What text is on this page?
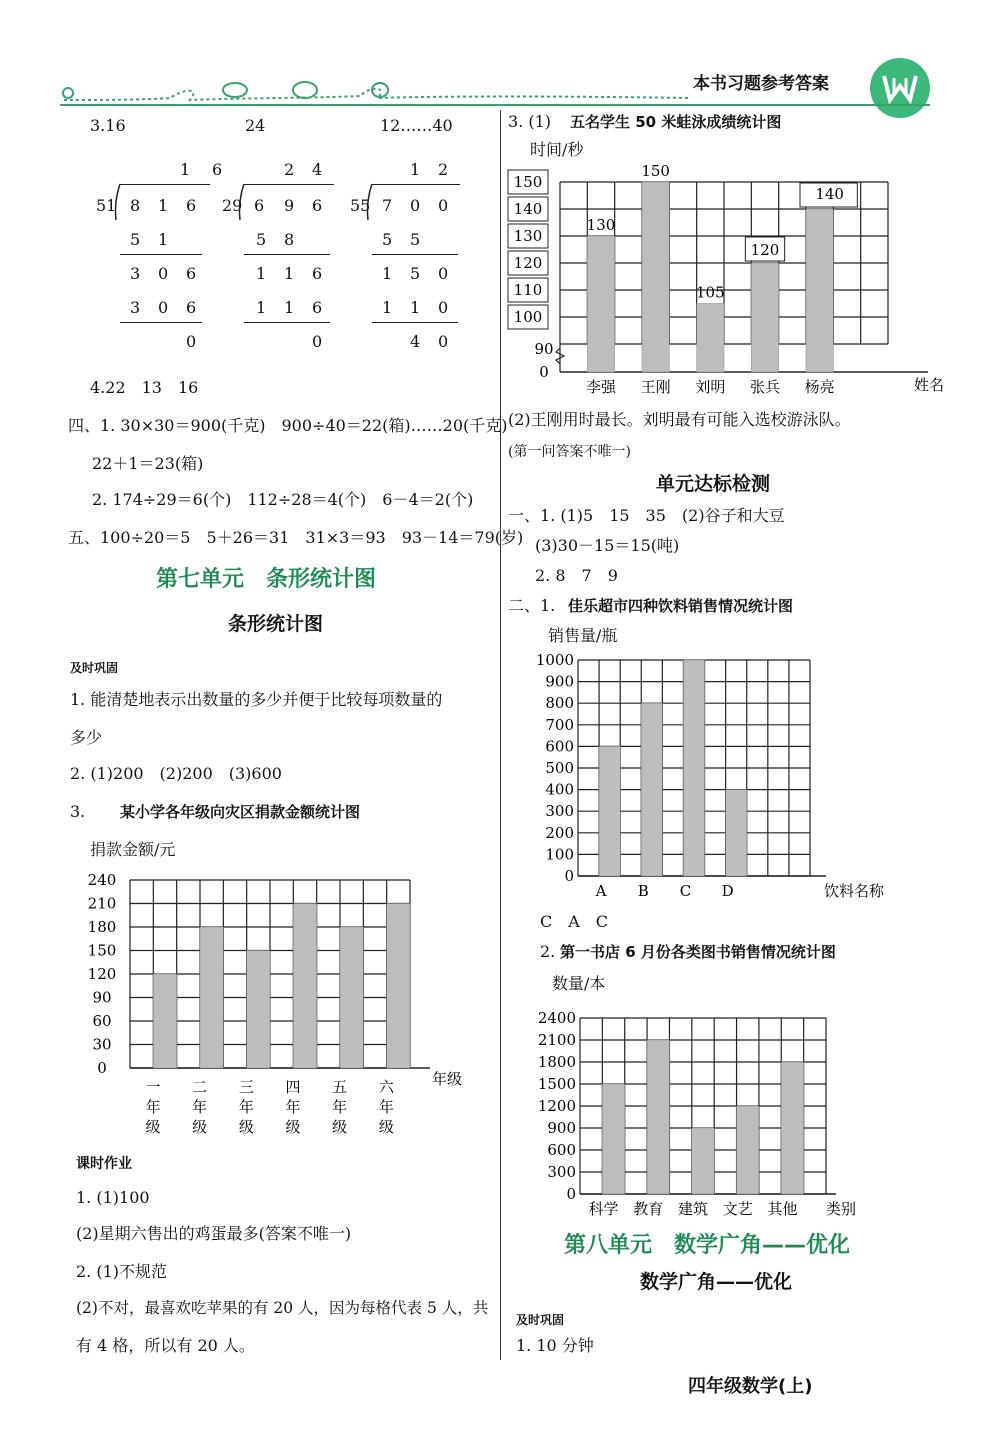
本书习题参考答案
3.16	24	12……40
1 6
51 8 1 6
5 1
3 0 6
3 0 6
0
2 4
29 6 9 6
5 8
1 1 6
1 1 6
0
1 2
55 7 0 0
5 5
1 5 0
1 1 0
4 0
4.22　13　16
四、1. 30×30＝900(千克)　900÷40＝22(箱)……20(千克)
22＋1＝23(箱)
2. 174÷29＝6(个)　112÷28＝4(个)　6－4＝2(个)
五、100÷20＝5　5＋26＝31　31×3＝93　93－14＝79(岁)
第七单元　条形统计图
条形统计图
及时巩固
1. 能清楚地表示出数量的多少并便于比较每项数量的
多少
2. (1)200　(2)200　(3)600
3. 某小学各年级向灾区捐款金额统计图
捐款金额/元
0
30
60
90
120
150
180
210
240
一
年
级
二
年
级
三
年
级
四
年
级
五
年
级
六
年
级
年级
课时作业
1. (1)100
(2)星期六售出的鸡蛋最多(答案不唯一)
2. (1)不规范
(2)不对，最喜欢吃苹果的有 20 人，因为每格代表 5 人，共
有 4 格，所以有 20 人。
3. (1) 五名学生 50 米蛙泳成绩统计图
时间/秒
100
110
120
130
140
150
90
0
130
李强
150
王刚
105
刘明
120
张兵
140
杨亮	姓名
(2)王刚用时最长。刘明最有可能入选校游泳队。
(第一问答案不唯一)
单元达标检测
一、1. (1)5　15　35　(2)谷子和大豆
(3)30－15＝15(吨)
2. 8　7　9
二、1. 佳乐超市四种饮料销售情况统计图
销售量/瓶
0
100
200
300
400
500
600
700
800
900
1000
A B C D	饮料名称
C　A　C
2. 第一书店 6 月份各类图书销售情况统计图
数量/本
0
300
600
900
1200
1500
1800
2100
2400
科学 教育 建筑 文艺 其他 类别
第八单元　数学广角——优化
数学广角——优化
及时巩固
1. 10 分钟
四年级数学(上)
